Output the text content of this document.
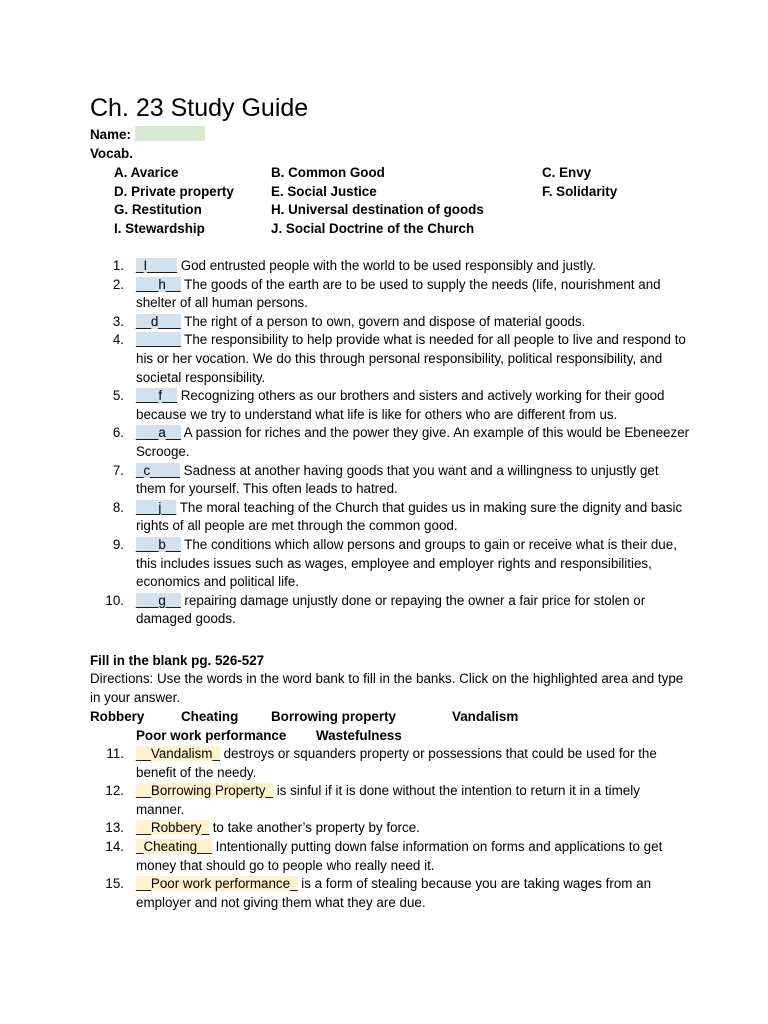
Ch. 23 Study Guide
Name:
Vocab.
A. Avarice	B. Common Good	C. Envy
D. Private property	E. Social Justice	F. Solidarity
G. Restitution	H. Universal destination of goods
I. Stewardship	J. Social Doctrine of the Church
1. _I____ God entrusted people with the world to be used responsibly and justly.
2. ___h__ The goods of the earth are to be used to supply the needs (life, nourishment and shelter of all human persons.
3. __d___ The right of a person to own, govern and dispose of material goods.
4. ______ The responsibility to help provide what is needed for all people to live and respond to his or her vocation. We do this through personal responsibility, political responsibility, and societal responsibility.
5. ___f__ Recognizing others as our brothers and sisters and actively working for their good because we try to understand what life is like for others who are different from us.
6. ___a__ A passion for riches and the power they give. An example of this would be Ebeneezer Scrooge.
7. _c____ Sadness at another having goods that you want and a willingness to unjustly get them for yourself. This often leads to hatred.
8. ___j__ The moral teaching of the Church that guides us in making sure the dignity and basic rights of all people are met through the common good.
9. ___b__ The conditions which allow persons and groups to gain or receive what is their due, this includes issues such as wages, employee and employer rights and responsibilities, economics and political life.
10. ___g__ repairing damage unjustly done or repaying the owner a fair price for stolen or damaged goods.
Fill in the blank pg. 526-527
Directions: Use the words in the word bank to fill in the banks. Click on the highlighted area and type in your answer.
Robbery	Cheating Borrowing property	Vandalism
Poor work performance Wastefulness
11. __Vandalism_ destroys or squanders property or possessions that could be used for the benefit of the needy.
12. __Borrowing Property_ is sinful if it is done without the intention to return it in a timely manner.
13. __Robbery_ to take another’s property by force.
14. _Cheating__ Intentionally putting down false information on forms and applications to get money that should go to people who really need it.
15. __Poor work performance_ is a form of stealing because you are taking wages from an employer and not giving them what they are due.
